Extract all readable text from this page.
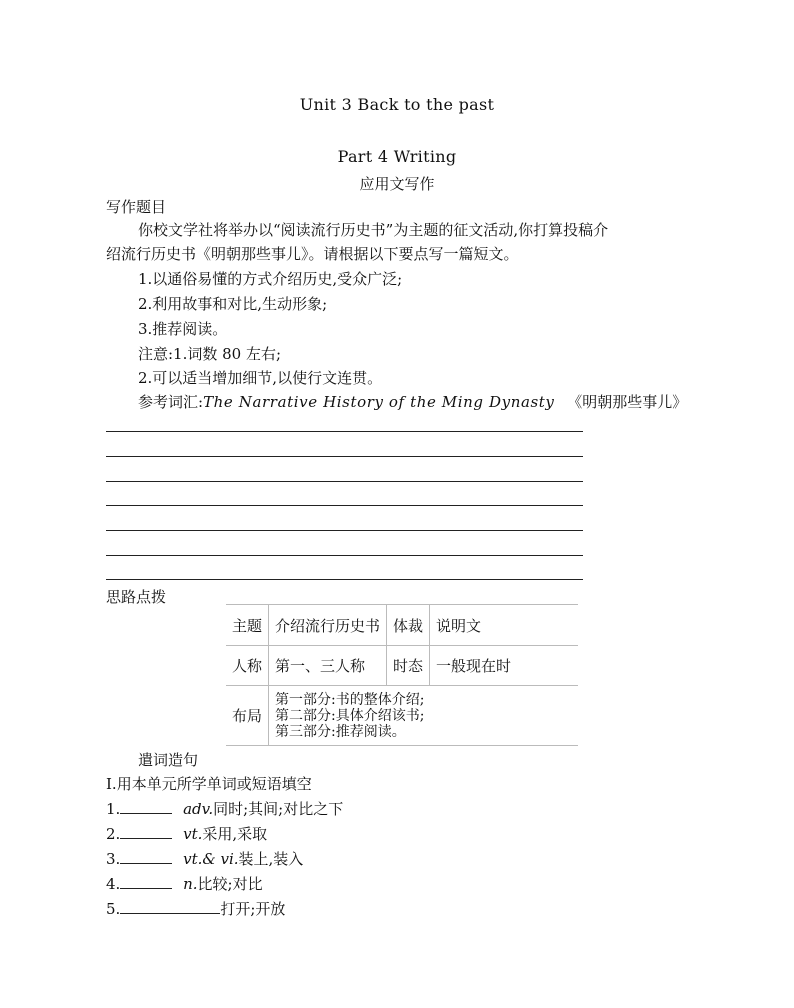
Unit 3 Back to the past
Part 4 Writing
应用文写作
写作题目
你校文学社将举办以“阅读流行历史书”为主题的征文活动,你打算投稿介
绍流行历史书《明朝那些事儿》。请根据以下要点写一篇短文。
1.以通俗易懂的方式介绍历史,受众广泛;
2.利用故事和对比,生动形象;
3.推荐阅读。
注意:1.词数 80 左右;
2.可以适当增加细节,以使行文连贯。
参考词汇:The Narrative History of the Ming Dynasty 《明朝那些事儿》
思路点拨
主题	介绍流行历史书	体裁	说明文
人称	第一、三人称	时态	一般现在时
布局	第一部分:书的整体介绍;
第二部分:具体介绍该书;
第三部分:推荐阅读。		
遣词造句
Ⅰ.用本单元所学单词或短语填空
1.	adv.同时;其间;对比之下
2.	vt.采用,采取
3.	vt.& vi.装上,装入
4.	n.比较;对比
5.	打开;开放
